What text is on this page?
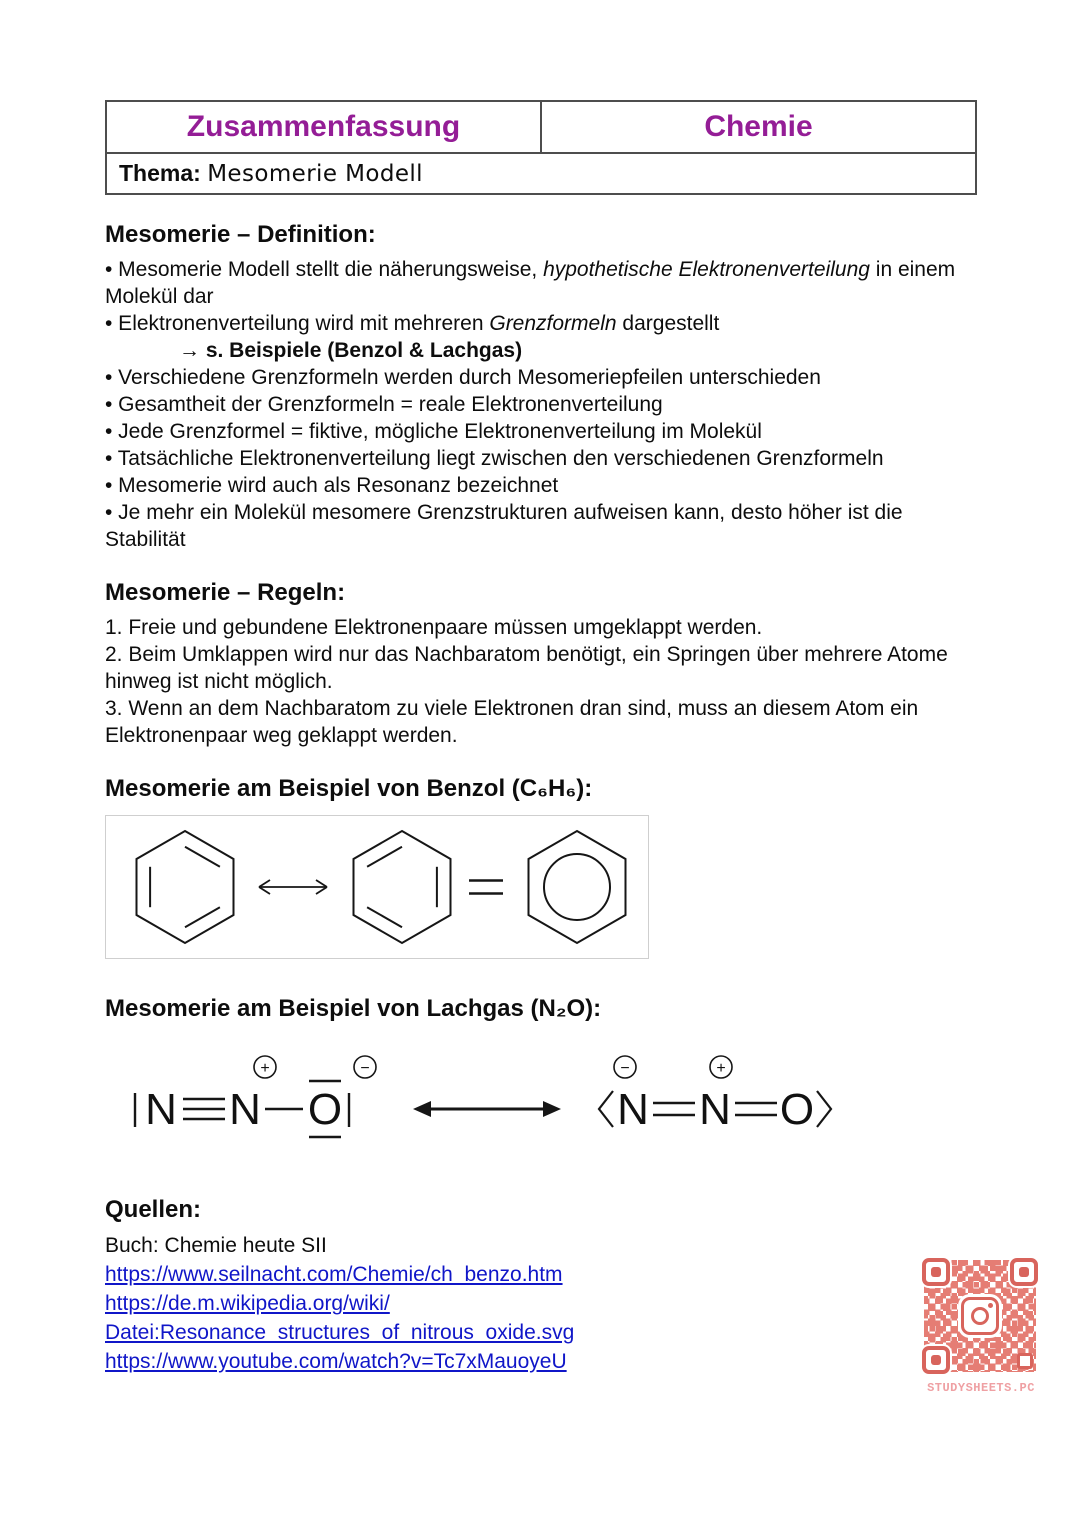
Zusammenfassung	Chemie
Thema: Mesomerie Modell
Mesomerie – Definition:

• Mesomerie Modell stellt die näherungsweise, hypothetische Elektronenverteilung in einem Molekül dar

• Elektronenverteilung wird mit mehreren Grenzformeln dargestellt

→ s. Beispiele (Benzol & Lachgas)

• Verschiedene Grenzformeln werden durch Mesomeriepfeilen unterschieden

• Gesamtheit der Grenzformeln = reale Elektronenverteilung

• Jede Grenzformel = fiktive, mögliche Elektronenverteilung im Molekül

• Tatsächliche Elektronenverteilung liegt zwischen den verschiedenen Grenzformeln

• Mesomerie wird auch als Resonanz bezeichnet

• Je mehr ein Molekül mesomere Grenzstrukturen aufweisen kann, desto höher ist die Stabilität

Mesomerie – Regeln:

1. Freie und gebundene Elektronenpaare müssen umgeklappt werden.

2. Beim Umklappen wird nur das Nachbaratom benötigt, ein Springen über mehrere Atome hinweg ist nicht möglich.

3. Wenn an dem Nachbaratom zu viele Elektronen dran sind, muss an diesem Atom ein Elektronenpaar weg geklappt werden.

Mesomerie am Beispiel von Benzol (C₆H₆):
Mesomerie am Beispiel von Lachgas (N₂O):
N N
+
O
−
N
−
N
+
O
Quellen:
Buch: Chemie heute SII
https://www.seilnacht.com/Chemie/ch_benzo.htm
https://de.m.wikipedia.org/wiki/
Datei:Resonance_structures_of_nitrous_oxide.svg
https://www.youtube.com/watch?v=Tc7xMauoyeU
STUDYSHEETS.PC
